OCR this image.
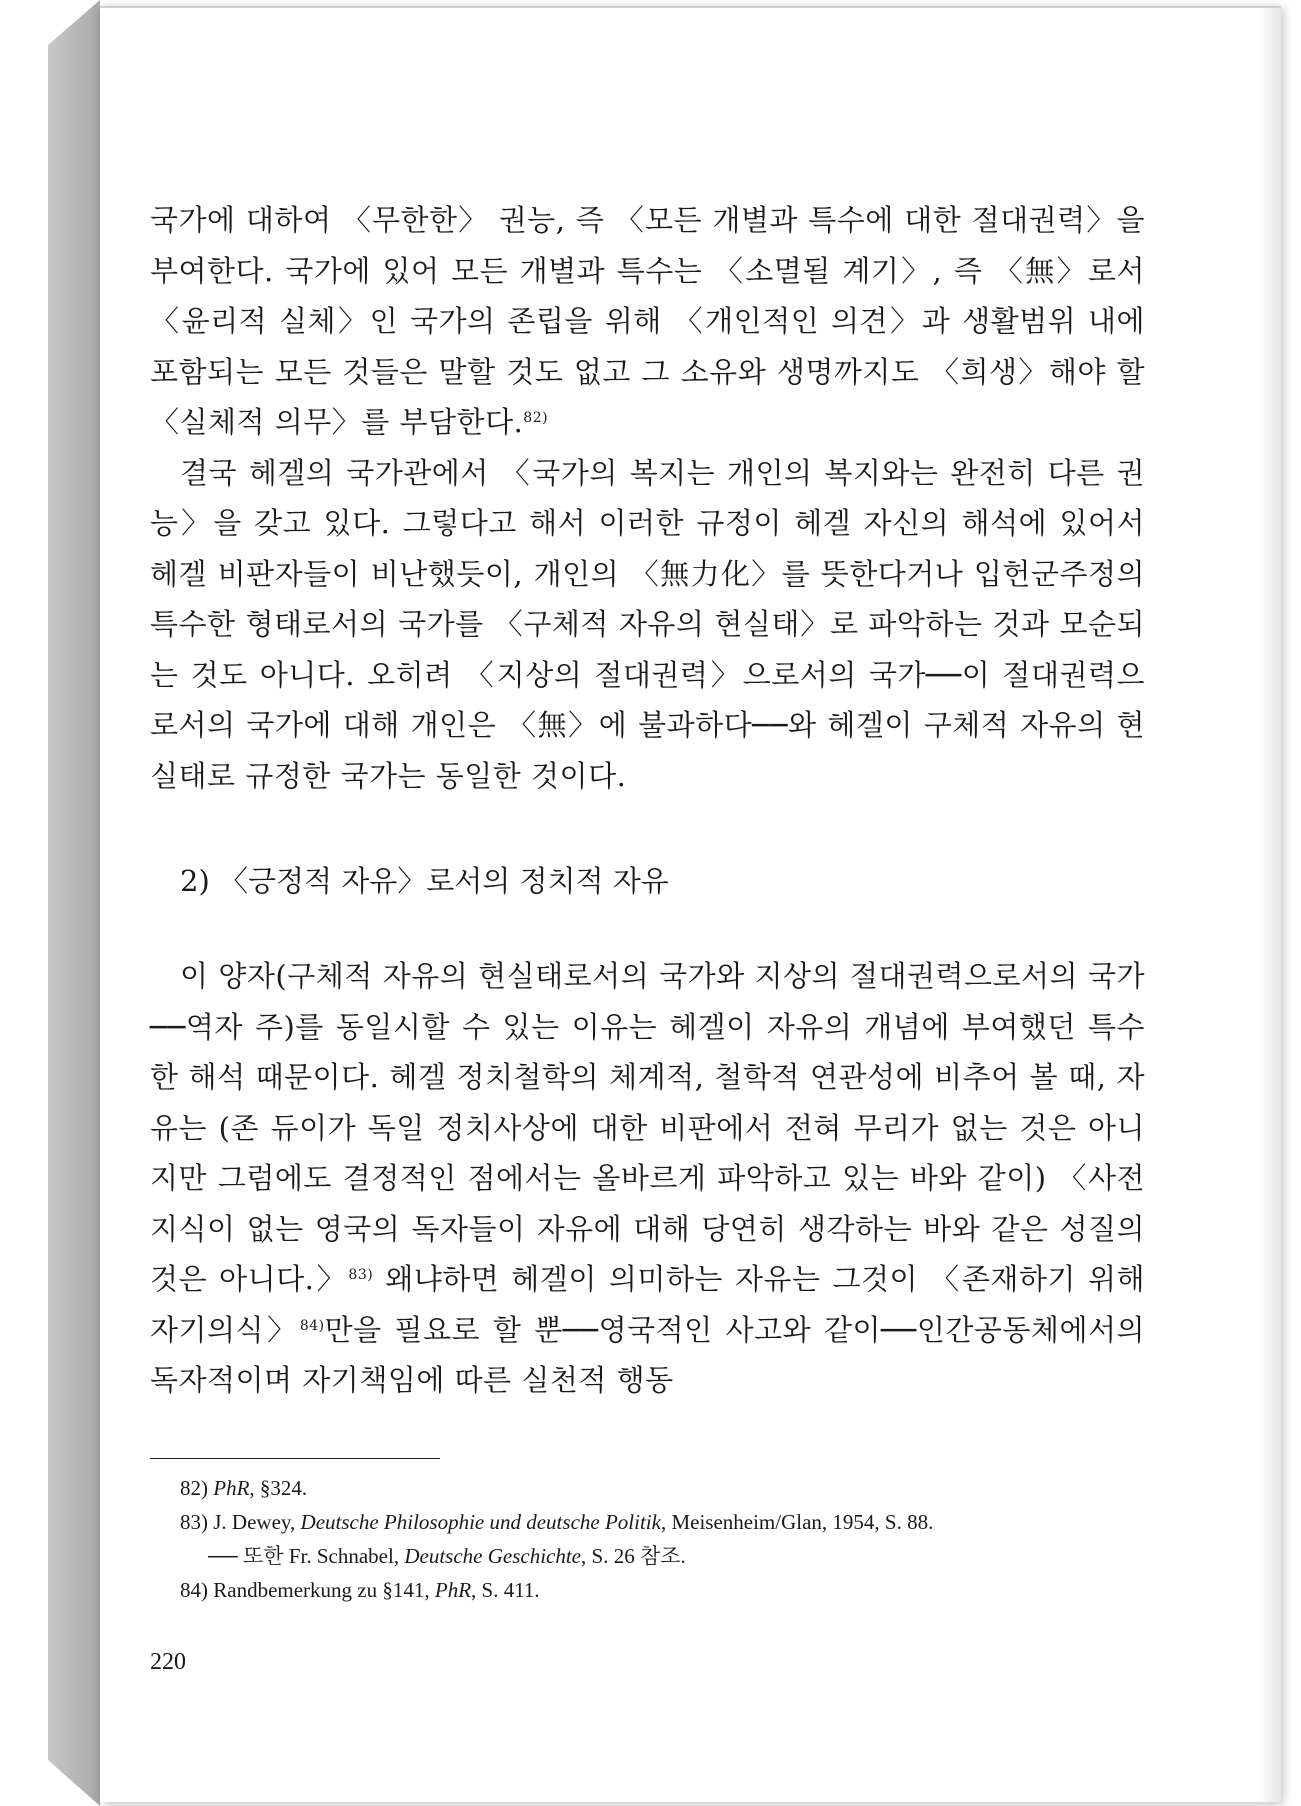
국가에 대하여 〈무한한〉 권능, 즉 〈모든 개별과 특수에 대한 절대권력〉을 부여한다. 국가에 있어 모든 개별과 특수는 〈소멸될 계기〉, 즉 〈無〉로서 〈윤리적 실체〉인 국가의 존립을 위해 〈개인적인 의견〉과 생활범위 내에 포함되는 모든 것들은 말할 것도 없고 그 소유와 생명까지도 〈희생〉해야 할 〈실체적 의무〉를 부담한다.$^{82)}$

결국 헤겔의 국가관에서 〈국가의 복지는 개인의 복지와는 완전히 다른 권능〉을 갖고 있다. 그렇다고 해서 이러한 규정이 헤겔 자신의 해석에 있어서 헤겔 비판자들이 비난했듯이, 개인의 〈無力化〉를 뜻한다거나 입헌군주정의 특수한 형태로서의 국가를 〈구체적 자유의 현실태〉로 파악하는 것과 모순되는 것도 아니다. 오히려 〈지상의 절대권력〉으로서의 국가──이 절대권력으로서의 국가에 대해 개인은 〈無〉에 불과하다──와 헤겔이 구체적 자유의 현실태로 규정한 국가는 동일한 것이다.

2) 〈긍정적 자유〉로서의 정치적 자유

이 양자(구체적 자유의 현실태로서의 국가와 지상의 절대권력으로서의 국가──역자 주)를 동일시할 수 있는 이유는 헤겔이 자유의 개념에 부여했던 특수한 해석 때문이다. 헤겔 정치철학의 체계적, 철학적 연관성에 비추어 볼 때, 자유는 (존 듀이가 독일 정치사상에 대한 비판에서 전혀 무리가 없는 것은 아니지만 그럼에도 결정적인 점에서는 올바르게 파악하고 있는 바와 같이) 〈사전지식이 없는 영국의 독자들이 자유에 대해 당연히 생각하는 바와 같은 성질의 것은 아니다.〉$^{83)}$ 왜냐하면 헤겔이 의미하는 자유는 그것이 〈존재하기 위해 자기의식〉$^{84)}$만을 필요로 할 뿐──영국적인 사고와 같이──인간공동체에서의 독자적이며 자기책임에 따른 실천적 행동

82) PhR, §324.
83) J. Dewey, Deutsche Philosophie und deutsche Politik, Meisenheim/Glan, 1954, S. 88.
── 또한 Fr. Schnabel, Deutsche Geschichte, S. 26 참조.
84) Randbemerkung zu §141, PhR, S. 411.
220
